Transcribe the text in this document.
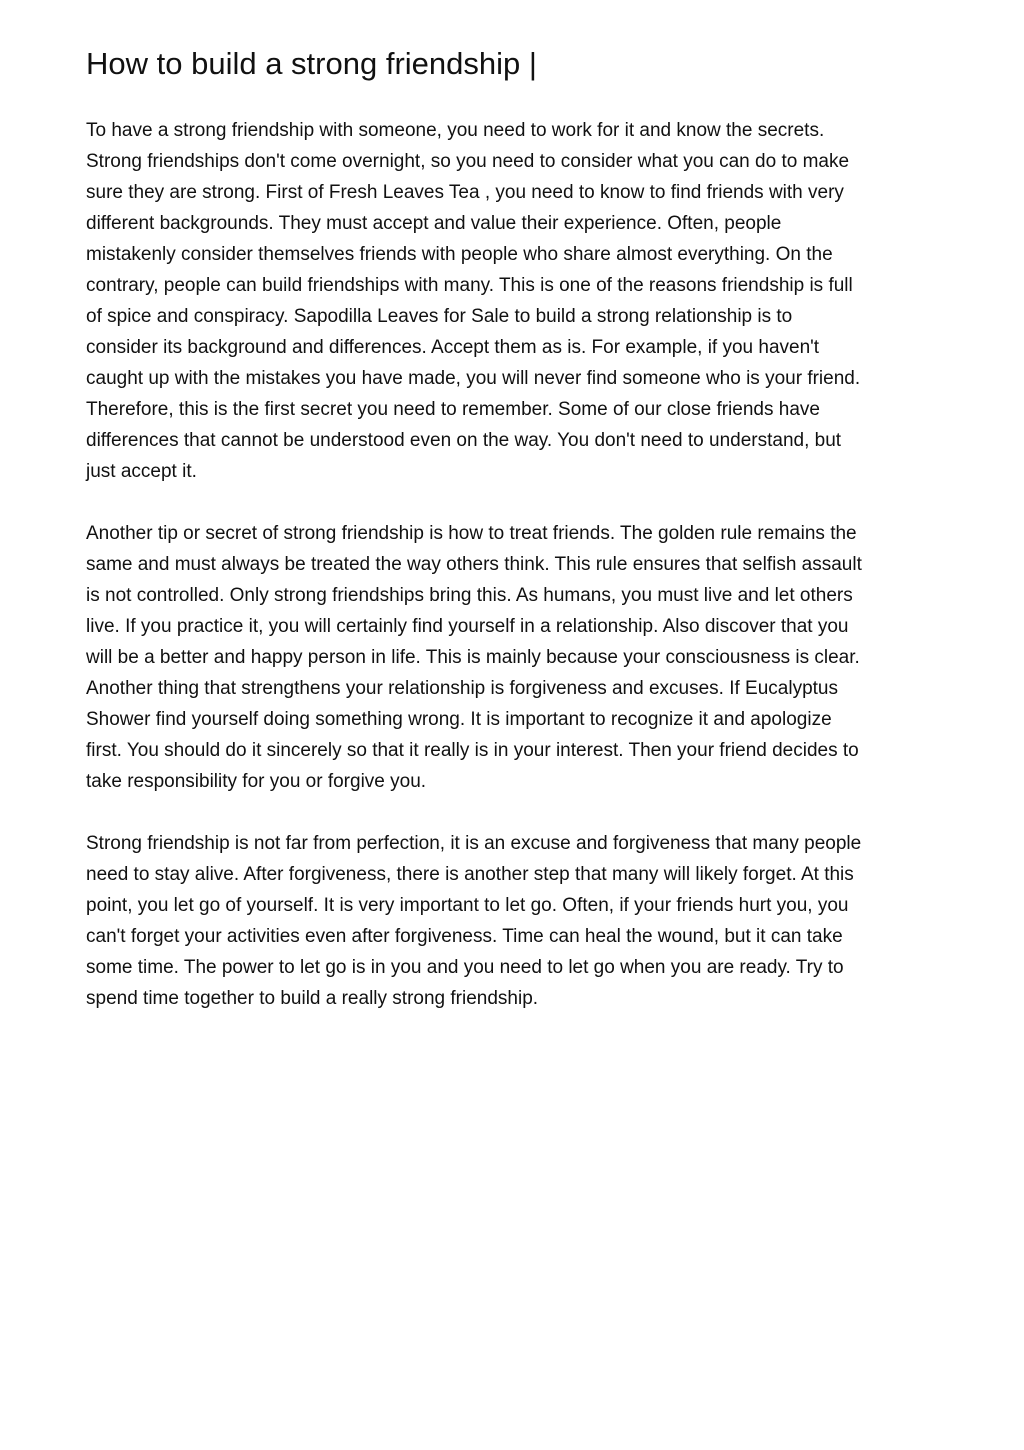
How to build a strong friendship |

To have a strong friendship with someone, you need to work for it and know the secrets.
Strong friendships don't come overnight, so you need to consider what you can do to make
sure they are strong. First of Fresh Leaves Tea , you need to know to find friends with very
different backgrounds. They must accept and value their experience. Often, people
mistakenly consider themselves friends with people who share almost everything. On the
contrary, people can build friendships with many. This is one of the reasons friendship is full
of spice and conspiracy. Sapodilla Leaves for Sale to build a strong relationship is to
consider its background and differences. Accept them as is. For example, if you haven't
caught up with the mistakes you have made, you will never find someone who is your friend.
Therefore, this is the first secret you need to remember. Some of our close friends have
differences that cannot be understood even on the way. You don't need to understand, but
just accept it.

Another tip or secret of strong friendship is how to treat friends. The golden rule remains the
same and must always be treated the way others think. This rule ensures that selfish assault
is not controlled. Only strong friendships bring this. As humans, you must live and let others
live. If you practice it, you will certainly find yourself in a relationship. Also discover that you
will be a better and happy person in life. This is mainly because your consciousness is clear.
Another thing that strengthens your relationship is forgiveness and excuses. If Eucalyptus
Shower find yourself doing something wrong. It is important to recognize it and apologize
first. You should do it sincerely so that it really is in your interest. Then your friend decides to
take responsibility for you or forgive you.

Strong friendship is not far from perfection, it is an excuse and forgiveness that many people
need to stay alive. After forgiveness, there is another step that many will likely forget. At this
point, you let go of yourself. It is very important to let go. Often, if your friends hurt you, you
can't forget your activities even after forgiveness. Time can heal the wound, but it can take
some time. The power to let go is in you and you need to let go when you are ready. Try to
spend time together to build a really strong friendship.
